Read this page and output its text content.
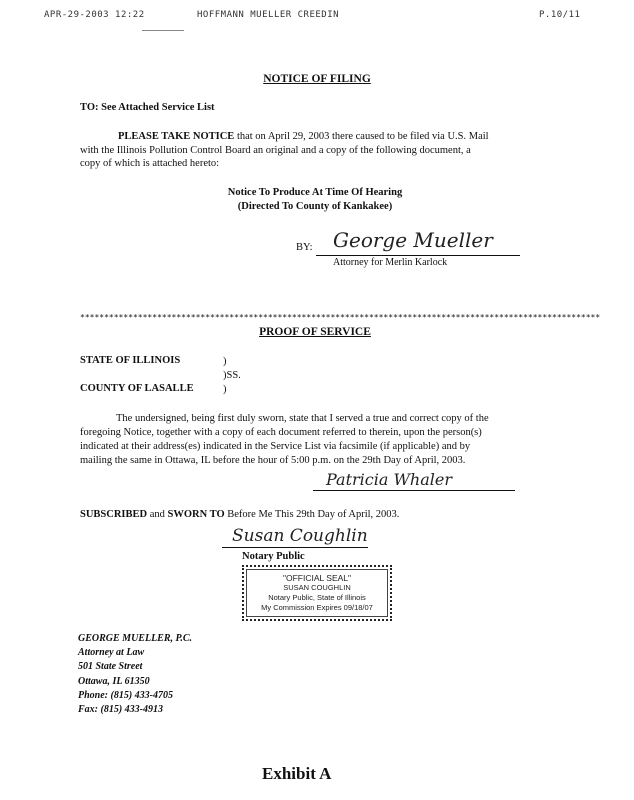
APR-29-2003 12:22	HOFFMANN MUELLER CREEDIN	P.10/11
NOTICE OF FILING
TO: See Attached Service List
PLEASE TAKE NOTICE that on April 29, 2003 there caused to be filed via U.S. Mail
with the Illinois Pollution Control Board an original and a copy of the following document, a
copy of which is attached hereto:
Notice To Produce At Time Of Hearing
(Directed To County of Kankakee)
BY: George Mueller
Attorney for Merlin Karlock
************************************************************************************************************
PROOF OF SERVICE
STATE OF ILLINOIS	)
)SS.
COUNTY OF LASALLE	)
The undersigned, being first duly sworn, state that I served a true and correct copy of the
foregoing Notice, together with a copy of each document referred to therein, upon the person(s)
indicated at their address(es) indicated in the Service List via facsimile (if applicable) and by
mailing the same in Ottawa, IL before the hour of 5:00 p.m. on the 29th Day of April, 2003.
Patricia Whaler
SUBSCRIBED and SWORN TO Before Me This 29th Day of April, 2003.
Susan Coughlin
Notary Public
"OFFICIAL SEAL"
SUSAN COUGHLIN
Notary Public, State of Illinois
My Commission Expires 09/18/07
GEORGE MUELLER, P.C.
Attorney at Law
501 State Street
Ottawa, IL 61350
Phone: (815) 433-4705
Fax: (815) 433-4913
Exhibit A
